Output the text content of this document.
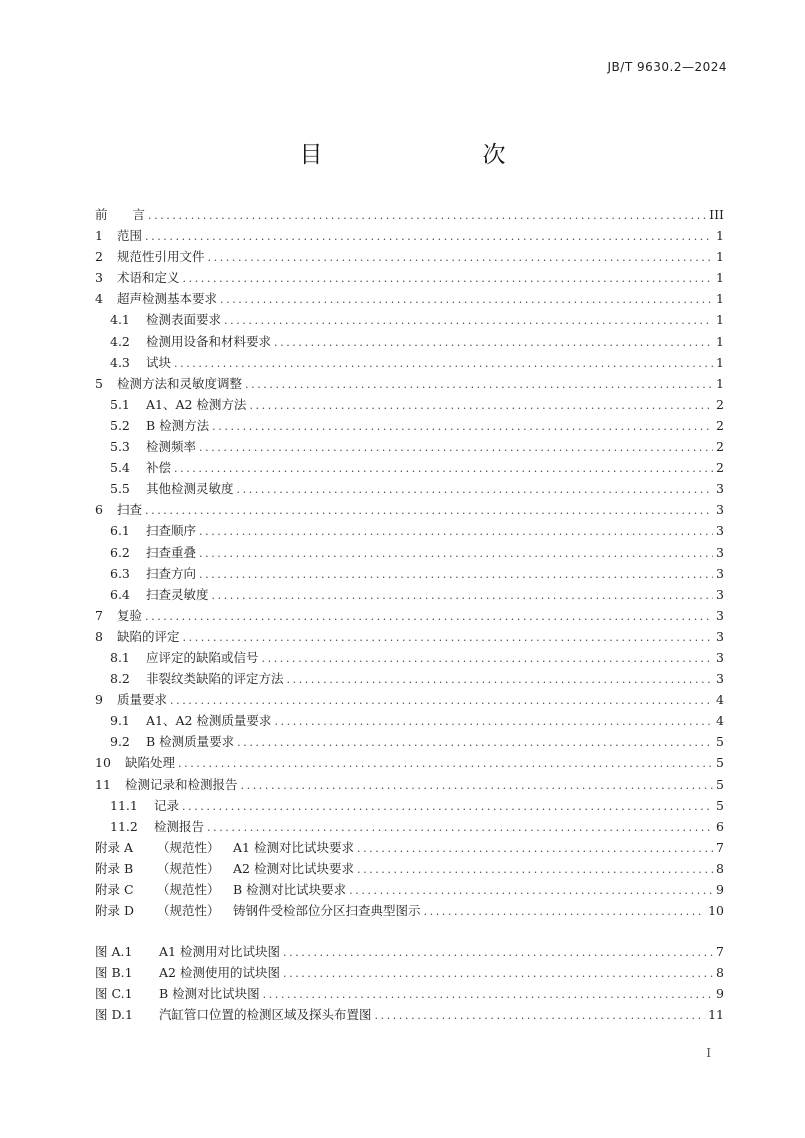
JB/T 9630.2—2024
目　　次
前　　言 .....	III
1	范围 .....	1
2	规范性引用文件 .....	1
3	术语和定义 .....	1
4	超声检测基本要求 .....	1
4.1	检测表面要求 .....	1
4.2	检测用设备和材料要求 .....	1
4.3	试块 .....	1
5	检测方法和灵敏度调整 .....	1
5.1	A1、A2 检测方法 .....	2
5.2	B 检测方法 .....	2
5.3	检测频率 .....	2
5.4	补偿 .....	2
5.5	其他检测灵敏度 .....	3
6	扫查 .....	3
6.1	扫查顺序 .....	3
6.2	扫查重叠 .....	3
6.3	扫查方向 .....	3
6.4	扫查灵敏度 .....	3
7	复验 .....	3
8	缺陷的评定 .....	3
8.1	应评定的缺陷或信号 .....	3
8.2	非裂纹类缺陷的评定方法 .....	3
9	质量要求 .....	4
9.1	A1、A2 检测质量要求 .....	4
9.2	B 检测质量要求 .....	5
10	缺陷处理 .....	5
11	检测记录和检测报告 .....	5
11.1	记录 .....	5
11.2	检测报告 .....	6
附录 A	（规范性）	A1 检测对比试块要求 .....	7
附录 B	（规范性）	A2 检测对比试块要求 .....	8
附录 C	（规范性）	B 检测对比试块要求 .....	9
附录 D	（规范性）	铸钢件受检部位分区扫查典型图示 .....	10
图 A.1	A1 检测用对比试块图 .....	7
图 B.1	A2 检测使用的试块图 .....	8
图 C.1	B 检测对比试块图 .....	9
图 D.1	汽缸管口位置的检测区域及探头布置图 .....	11
I
